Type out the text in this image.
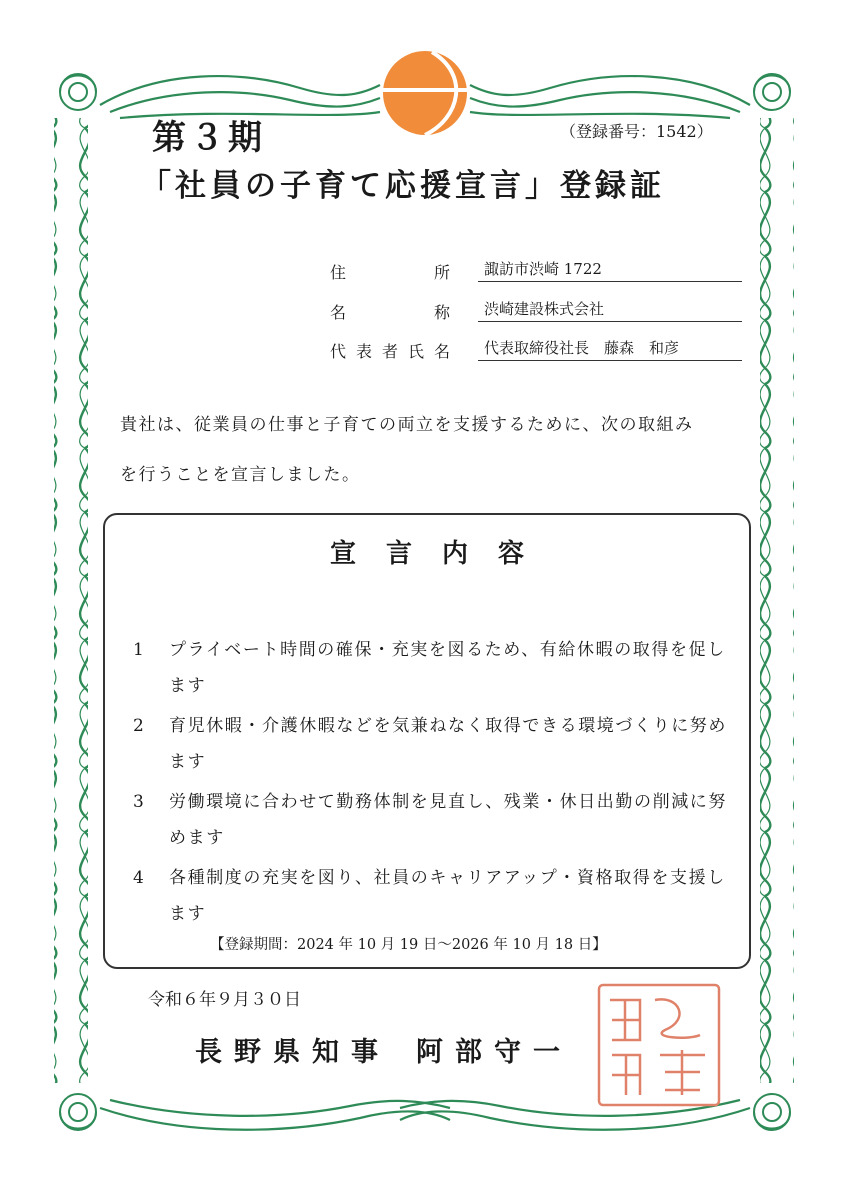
第３期	（登録番号：1542）
「社員の子育て応援宣言」登録証
住所	諏訪市渋崎 1722
名称	渋崎建設株式会社
代表者氏名	代表取締役社長　藤森　和彦
貴社は、従業員の仕事と子育ての両立を支援するために、次の取組み
を行うことを宣言しました。
宣言内容
1 プライベート時間の確保・充実を図るため、有給休暇の取得を促します
2 育児休暇・介護休暇などを気兼ねなく取得できる環境づくりに努めます
3 労働環境に合わせて勤務体制を見直し、残業・休日出勤の削減に努めます
4 各種制度の充実を図り、社員のキャリアアップ・資格取得を支援します
【登録期間：2024 年 10 月 19 日～2026 年 10 月 18 日】
令和６年９月３０日
長野県知事 阿部守一
